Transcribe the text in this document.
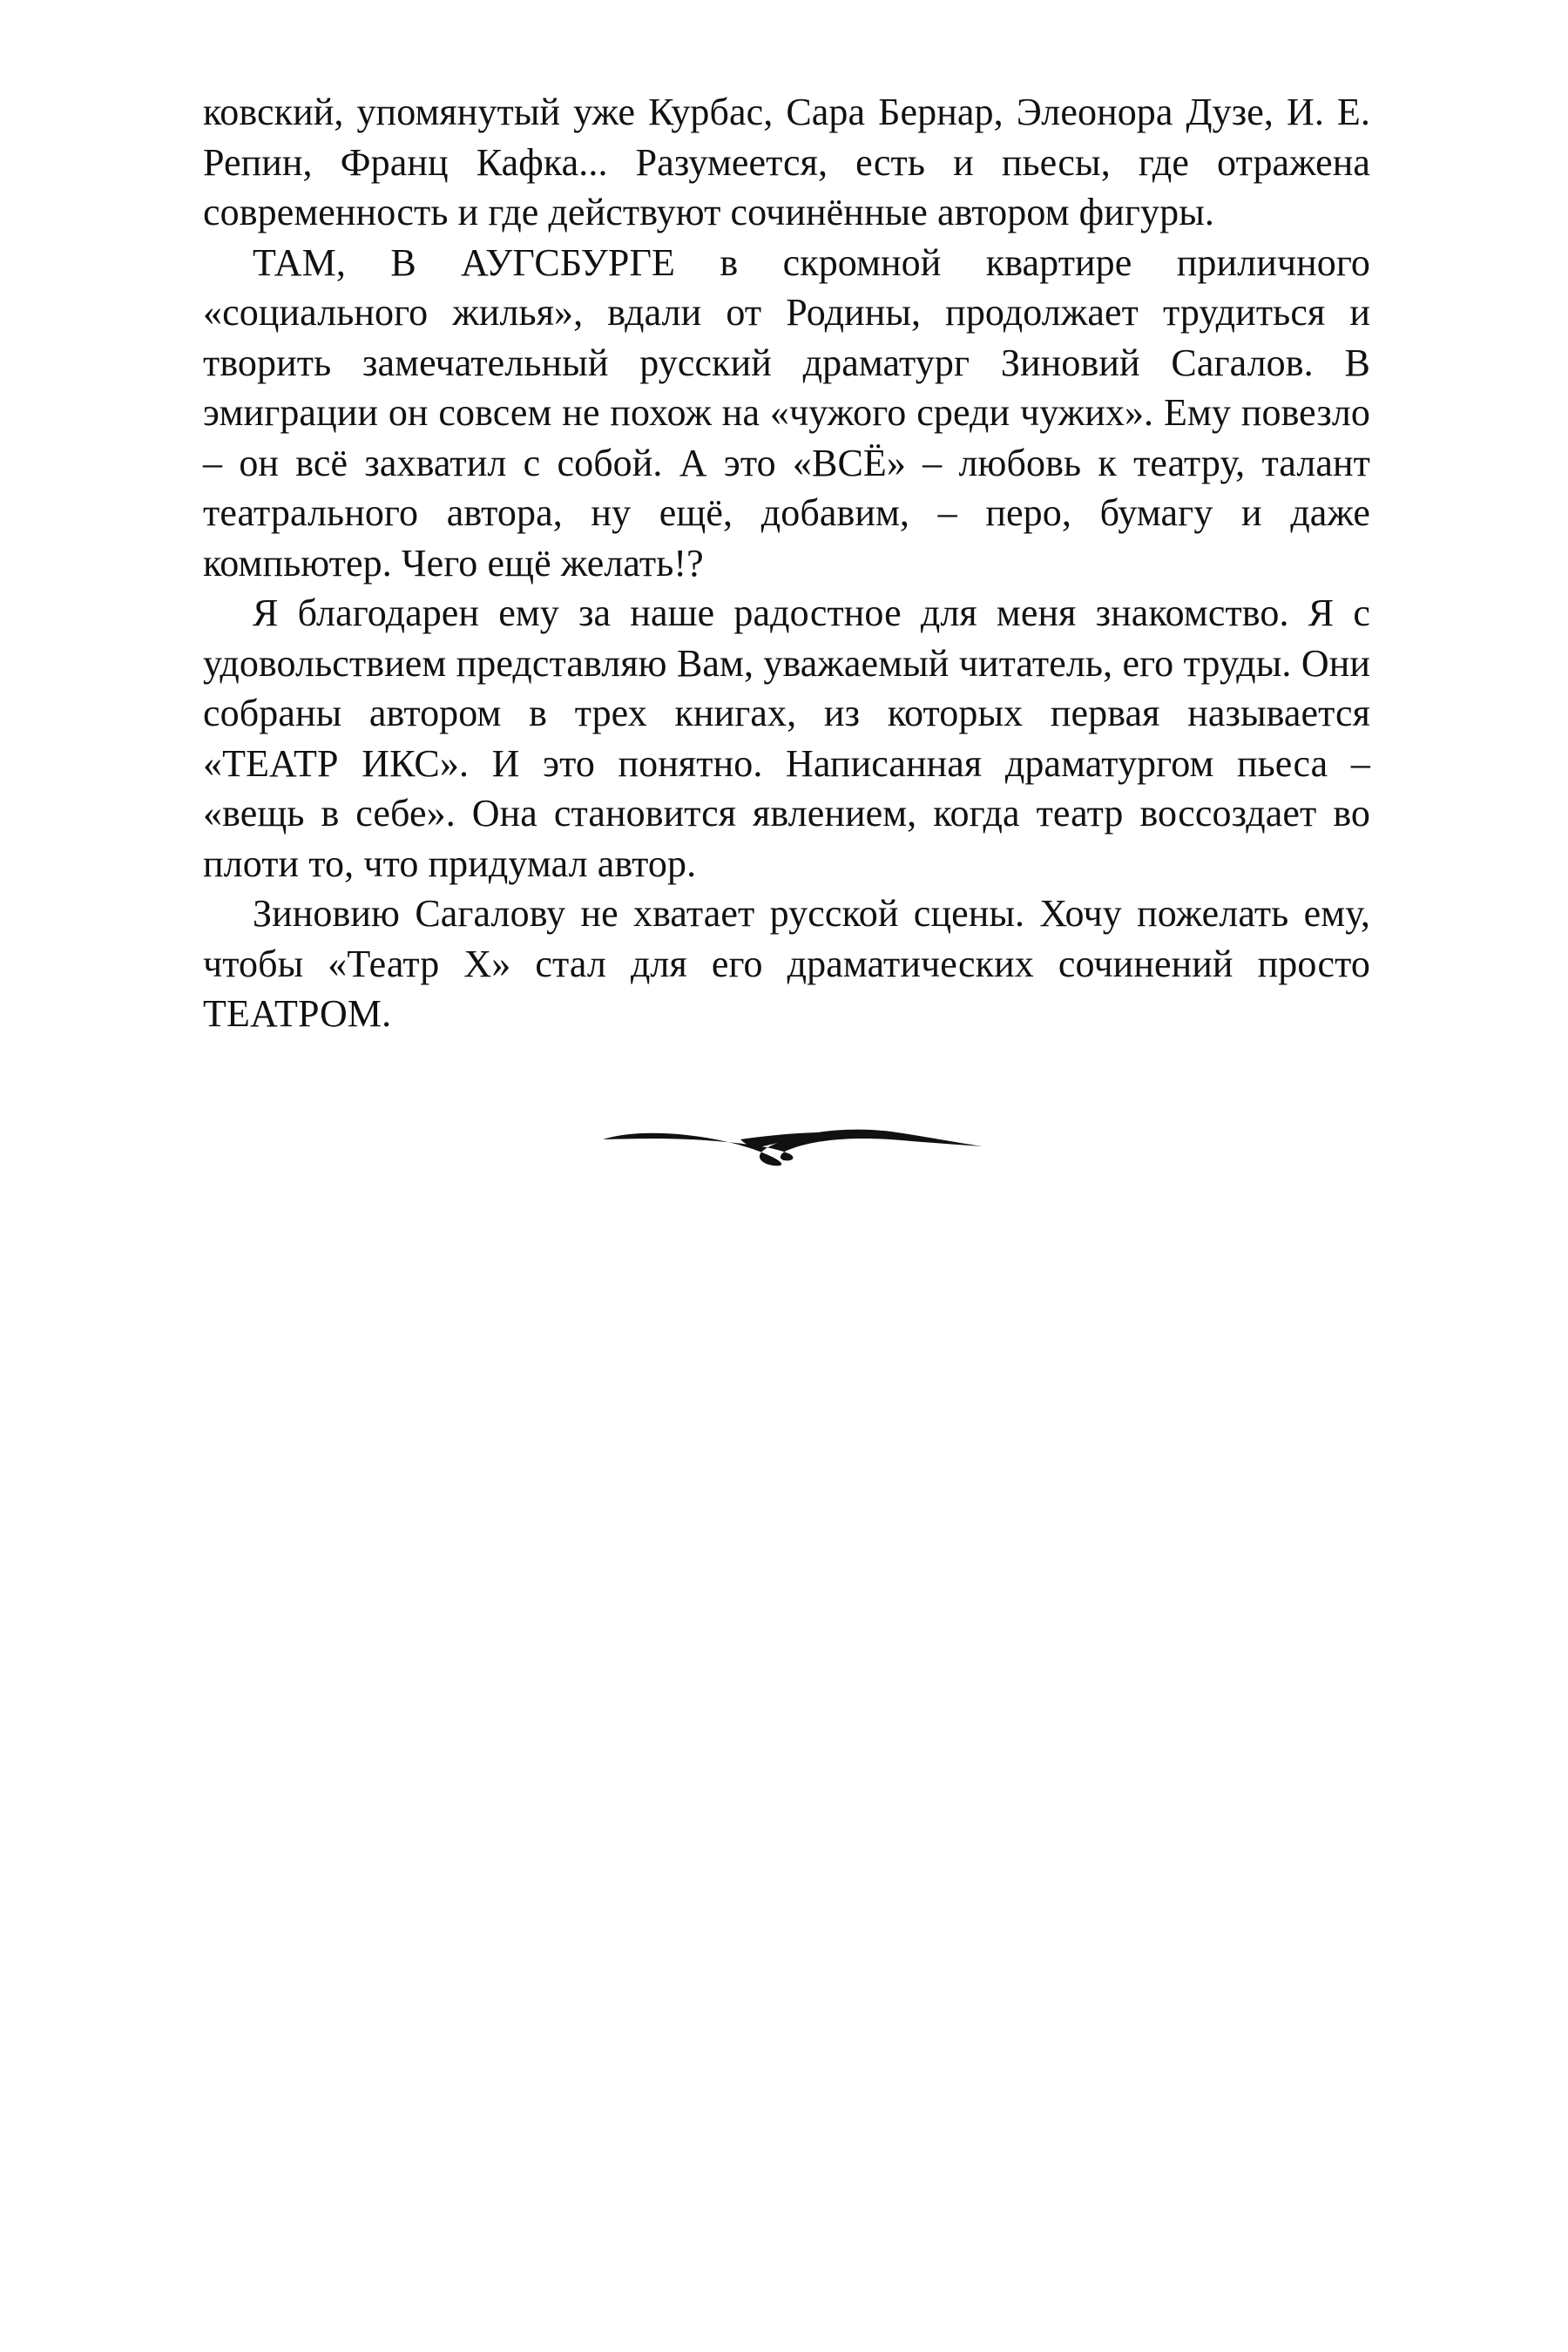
ковский, упомянутый уже Курбас, Сара Бернар, Элеонора Дузе, И. Е. Репин, Франц Кафка... Разумеется, есть и пьесы, где отражена современность и где действуют сочинённые автором фигуры.

ТАМ, В АУГСБУРГЕ в скромной квартире приличного «социального жилья», вдали от Родины, продолжает трудиться и творить замечательный русский драматург Зиновий Сагалов. В эмиграции он совсем не похож на «чужого среди чужих». Ему повезло – он всё захватил с собой. А это «ВСЁ» – любовь к театру, талант театрального автора, ну ещё, добавим, – перо, бумагу и даже компьютер. Чего ещё желать!?

Я благодарен ему за наше радостное для меня знакомство. Я с удовольствием представляю Вам, уважаемый читатель, его труды. Они собраны автором в трех книгах, из которых первая называется «ТЕАТР ИКС». И это понятно. Написанная драматургом пьеса – «вещь в себе». Она становится явлением, когда театр воссоздает во плоти то, что придумал автор.

Зиновию Сагалову не хватает русской сцены. Хочу пожелать ему, чтобы «Театр Х» стал для его драматических сочинений просто ТЕАТРОМ.
